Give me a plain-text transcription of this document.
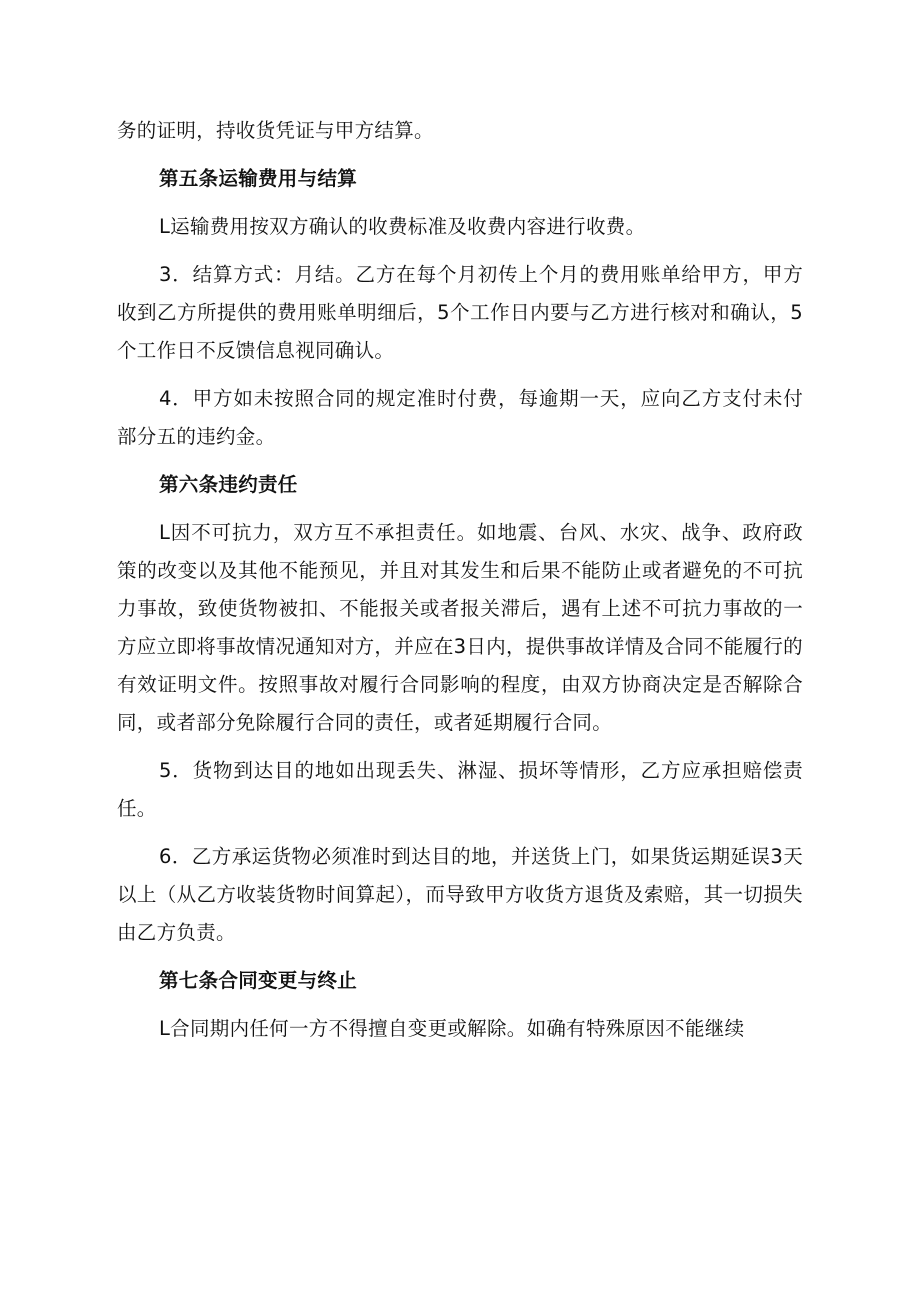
务的证明，持收货凭证与甲方结算。

第五条运输费用与结算

L运输费用按双方确认的收费标准及收费内容进行收费。

3．结算方式：月结。乙方在每个月初传上个月的费用账单给甲方，甲方收到乙方所提供的费用账单明细后，5个工作日内要与乙方进行核对和确认，5个工作日不反馈信息视同确认。

4．甲方如未按照合同的规定准时付费，每逾期一天，应向乙方支付未付部分五的违约金。

第六条违约责任

L因不可抗力，双方互不承担责任。如地震、台风、水灾、战争、政府政策的改变以及其他不能预见，并且对其发生和后果不能防止或者避免的不可抗力事故，致使货物被扣、不能报关或者报关滞后，遇有上述不可抗力事故的一方应立即将事故情况通知对方，并应在3日内，提供事故详情及合同不能履行的有效证明文件。按照事故对履行合同影响的程度，由双方协商决定是否解除合同，或者部分免除履行合同的责任，或者延期履行合同。

5．货物到达目的地如出现丢失、淋湿、损坏等情形，乙方应承担赔偿责任。

6．乙方承运货物必须准时到达目的地，并送货上门，如果货运期延误3天以上（从乙方收装货物时间算起），而导致甲方收货方退货及索赔，其一切损失由乙方负责。

第七条合同变更与终止

L合同期内任何一方不得擅自变更或解除。如确有特殊原因不能继续
